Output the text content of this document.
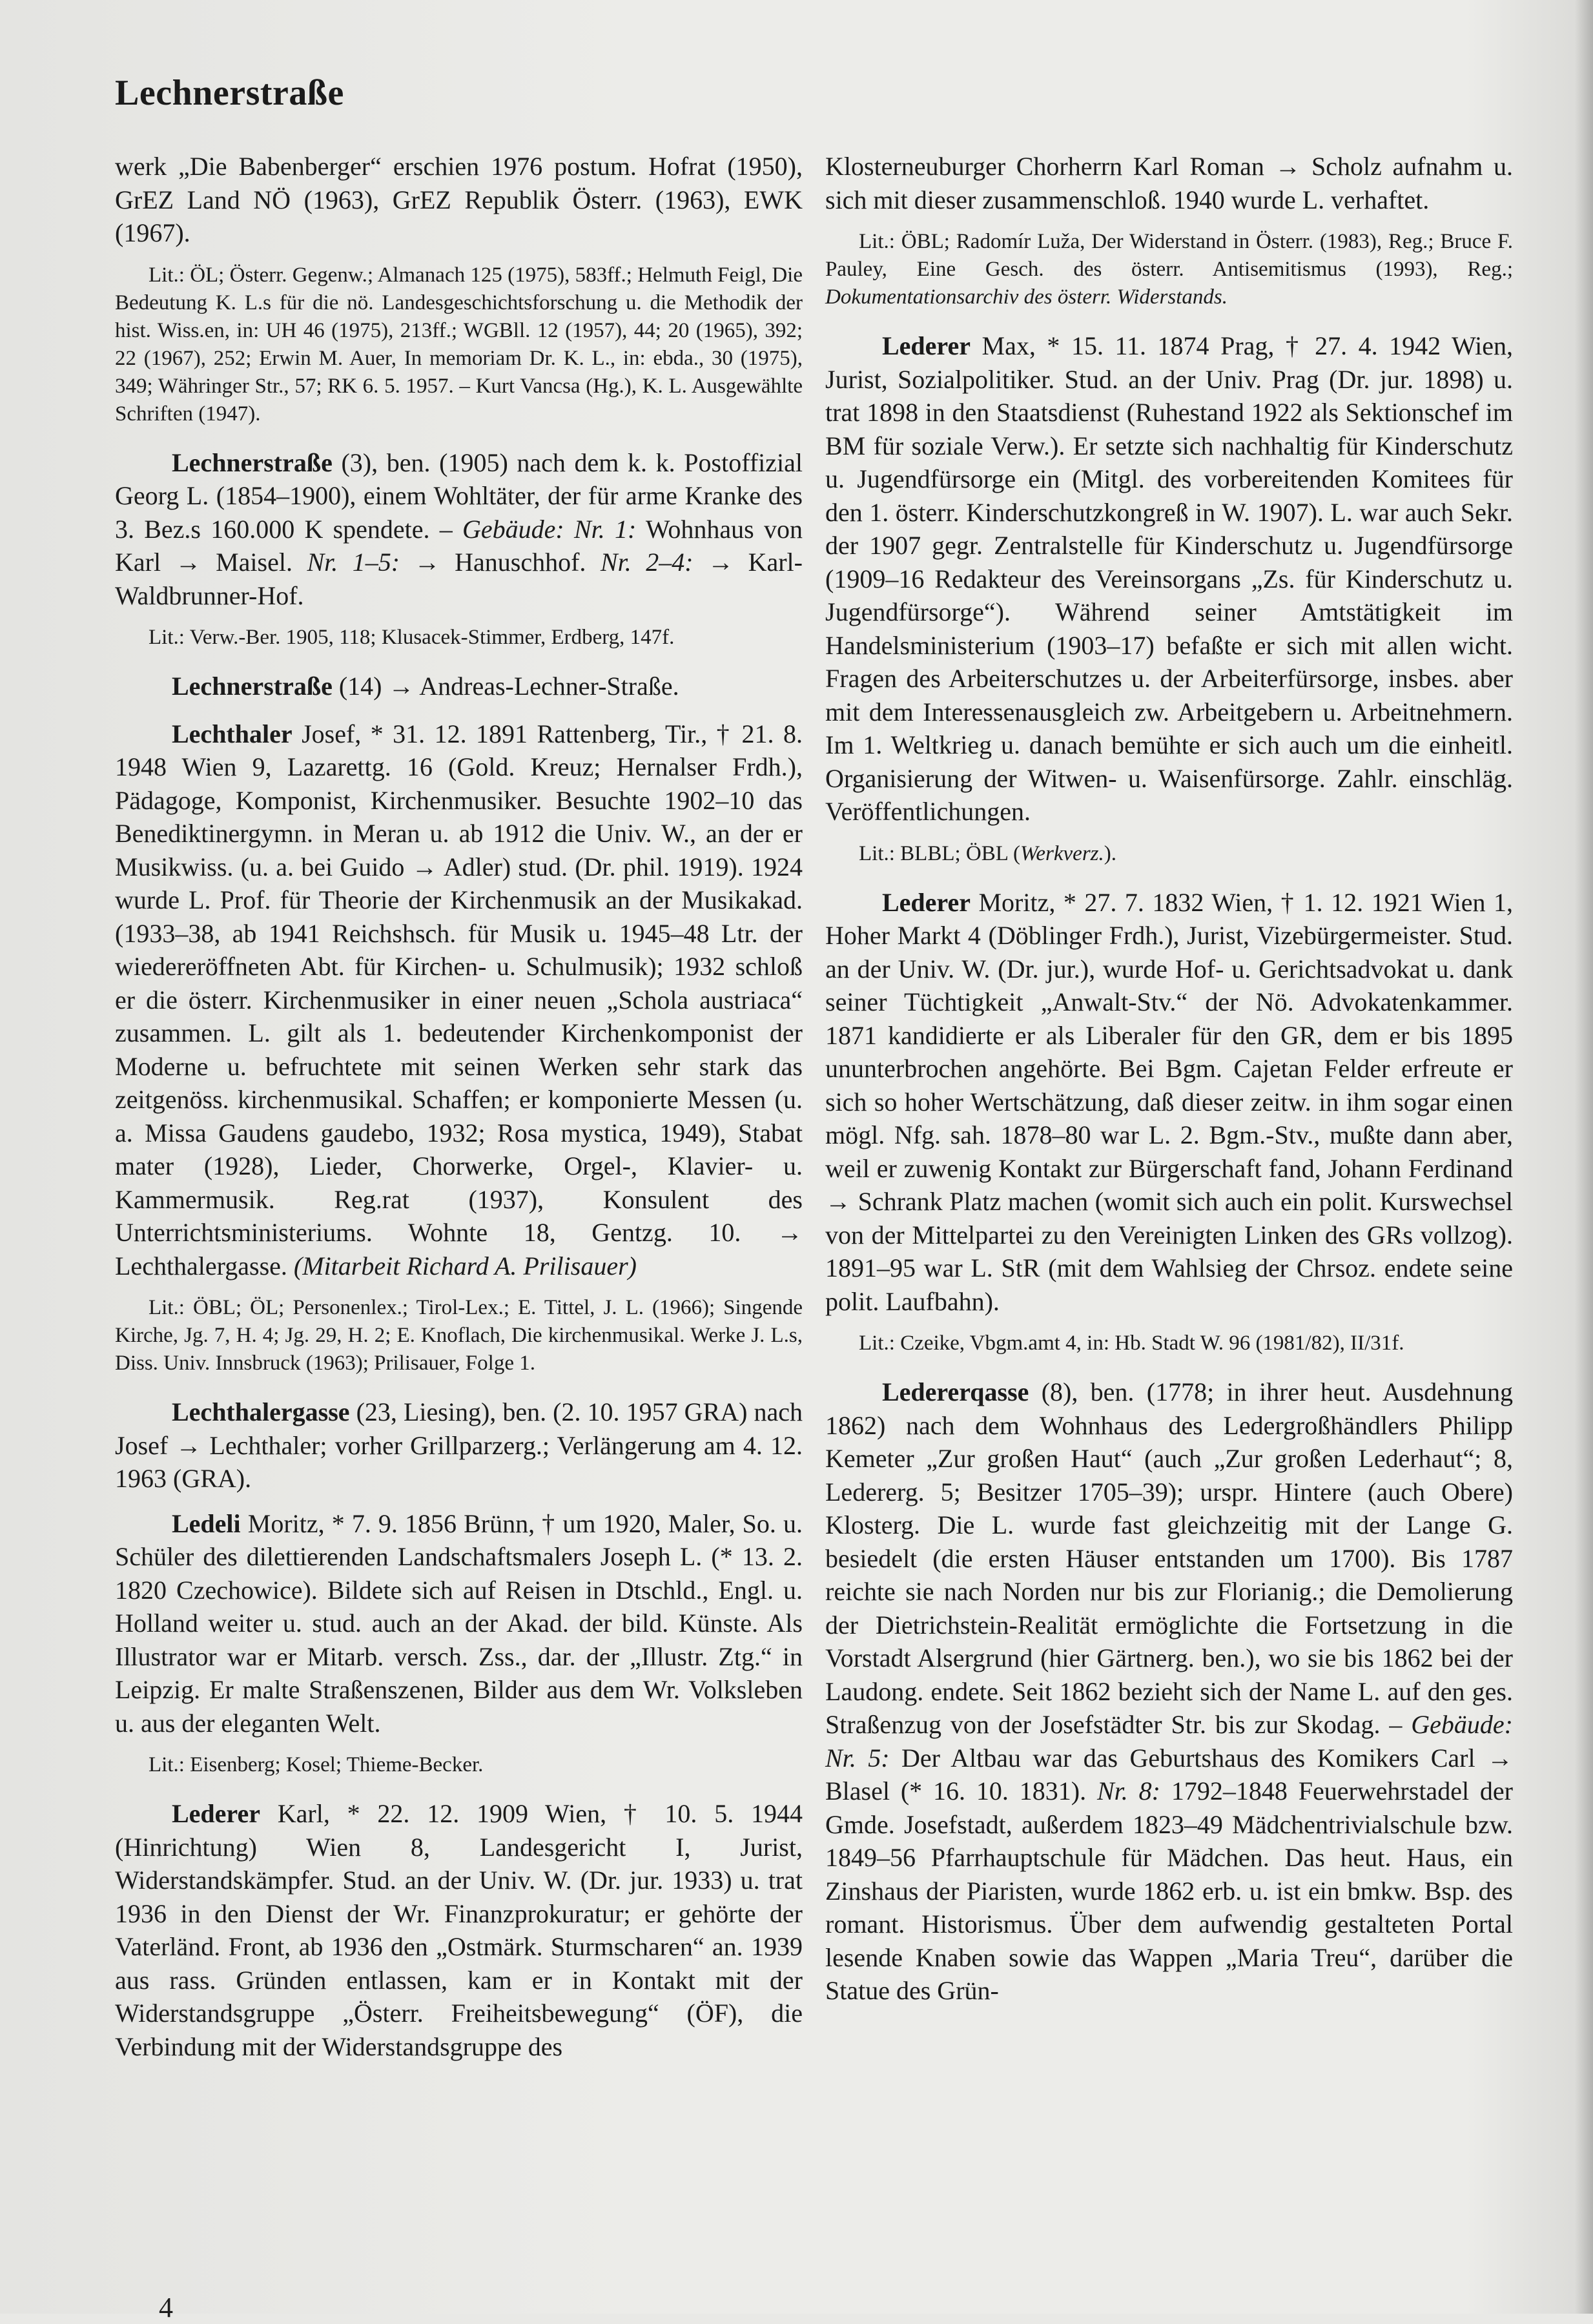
Lechnerstraße

werk „Die Babenberger“ erschien 1976 postum. Hofrat (1950), GrEZ Land NÖ (1963), GrEZ Republik Österr. (1963), EWK (1967).

Lit.: ÖL; Österr. Gegenw.; Almanach 125 (1975), 583ff.; Helmuth Feigl, Die Bedeutung K. L.s für die nö. Landesgeschichtsforschung u. die Methodik der hist. Wiss.en, in: UH 46 (1975), 213ff.; WGBll. 12 (1957), 44; 20 (1965), 392; 22 (1967), 252; Erwin M. Auer, In memoriam Dr. K. L., in: ebda., 30 (1975), 349; Währinger Str., 57; RK 6. 5. 1957. – Kurt Vancsa (Hg.), K. L. Ausgewählte Schriften (1947).

Lechnerstraße (3), ben. (1905) nach dem k. k. Postoffizial Georg L. (1854–1900), einem Wohltäter, der für arme Kranke des 3. Bez.s 160.000 K spendete. – Gebäude: Nr. 1: Wohnhaus von Karl → Maisel. Nr. 1–5: → Hanuschhof. Nr. 2–4: → Karl-Waldbrunner-Hof.

Lit.: Verw.-Ber. 1905, 118; Klusacek-Stimmer, Erdberg, 147f.

Lechnerstraße (14) → Andreas-Lechner-Straße.

Lechthaler Josef, * 31. 12. 1891 Rattenberg, Tir., † 21. 8. 1948 Wien 9, Lazarettg. 16 (Gold. Kreuz; Hernalser Frdh.), Pädagoge, Komponist, Kirchenmusiker. Besuchte 1902–10 das Benediktinergymn. in Meran u. ab 1912 die Univ. W., an der er Musikwiss. (u. a. bei Guido → Adler) stud. (Dr. phil. 1919). 1924 wurde L. Prof. für Theorie der Kirchenmusik an der Musikakad. (1933–38, ab 1941 Reichshsch. für Musik u. 1945–48 Ltr. der wiedereröffneten Abt. für Kirchen- u. Schulmusik); 1932 schloß er die österr. Kirchenmusiker in einer neuen „Schola austriaca“ zusammen. L. gilt als 1. bedeutender Kirchenkomponist der Moderne u. befruchtete mit seinen Werken sehr stark das zeitgenöss. kirchenmusikal. Schaffen; er komponierte Messen (u. a. Missa Gaudens gaudebo, 1932; Rosa mystica, 1949), Stabat mater (1928), Lieder, Chorwerke, Orgel-, Klavier- u. Kammermusik. Reg.rat (1937), Konsulent des Unterrichtsministeriums. Wohnte 18, Gentzg. 10. → Lechthalergasse. (Mitarbeit Richard A. Prilisauer)

Lit.: ÖBL; ÖL; Personenlex.; Tirol-Lex.; E. Tittel, J. L. (1966); Singende Kirche, Jg. 7, H. 4; Jg. 29, H. 2; E. Knoflach, Die kirchenmusikal. Werke J. L.s, Diss. Univ. Innsbruck (1963); Prilisauer, Folge 1.

Lechthalergasse (23, Liesing), ben. (2. 10. 1957 GRA) nach Josef → Lechthaler; vorher Grillparzerg.; Verlängerung am 4. 12. 1963 (GRA).

Ledeli Moritz, * 7. 9. 1856 Brünn, † um 1920, Maler, So. u. Schüler des dilettierenden Landschaftsmalers Joseph L. (* 13. 2. 1820 Czechowice). Bildete sich auf Reisen in Dtschld., Engl. u. Holland weiter u. stud. auch an der Akad. der bild. Künste. Als Illustrator war er Mitarb. versch. Zss., dar. der „Illustr. Ztg.“ in Leipzig. Er malte Straßenszenen, Bilder aus dem Wr. Volksleben u. aus der eleganten Welt.

Lit.: Eisenberg; Kosel; Thieme-Becker.

Lederer Karl, * 22. 12. 1909 Wien, † 10. 5. 1944 (Hinrichtung) Wien 8, Landesgericht I, Jurist, Widerstandskämpfer. Stud. an der Univ. W. (Dr. jur. 1933) u. trat 1936 in den Dienst der Wr. Finanzprokuratur; er gehörte der Vaterländ. Front, ab 1936 den „Ostmärk. Sturmscharen“ an. 1939 aus rass. Gründen entlassen, kam er in Kontakt mit der Widerstandsgruppe „Österr. Freiheitsbewegung“ (ÖF), die Verbindung mit der Widerstandsgruppe des

Klosterneuburger Chorherrn Karl Roman → Scholz aufnahm u. sich mit dieser zusammenschloß. 1940 wurde L. verhaftet.

Lit.: ÖBL; Radomír Luža, Der Widerstand in Österr. (1983), Reg.; Bruce F. Pauley, Eine Gesch. des österr. Antisemitismus (1993), Reg.; Dokumentationsarchiv des österr. Widerstands.

Lederer Max, * 15. 11. 1874 Prag, † 27. 4. 1942 Wien, Jurist, Sozialpolitiker. Stud. an der Univ. Prag (Dr. jur. 1898) u. trat 1898 in den Staatsdienst (Ruhestand 1922 als Sektionschef im BM für soziale Verw.). Er setzte sich nachhaltig für Kinderschutz u. Jugendfürsorge ein (Mitgl. des vorbereitenden Komitees für den 1. österr. Kinderschutzkongreß in W. 1907). L. war auch Sekr. der 1907 gegr. Zentralstelle für Kinderschutz u. Jugendfürsorge (1909–16 Redakteur des Vereinsorgans „Zs. für Kinderschutz u. Jugendfürsorge“). Während seiner Amtstätigkeit im Handelsministerium (1903–17) befaßte er sich mit allen wicht. Fragen des Arbeiterschutzes u. der Arbeiterfürsorge, insbes. aber mit dem Interessenausgleich zw. Arbeitgebern u. Arbeitnehmern. Im 1. Weltkrieg u. danach bemühte er sich auch um die einheitl. Organisierung der Witwen- u. Waisenfürsorge. Zahlr. einschläg. Veröffentlichungen.

Lit.: BLBL; ÖBL (Werkverz.).

Lederer Moritz, * 27. 7. 1832 Wien, † 1. 12. 1921 Wien 1, Hoher Markt 4 (Döblinger Frdh.), Jurist, Vizebürgermeister. Stud. an der Univ. W. (Dr. jur.), wurde Hof- u. Gerichtsadvokat u. dank seiner Tüchtigkeit „Anwalt-Stv.“ der Nö. Advokatenkammer. 1871 kandidierte er als Liberaler für den GR, dem er bis 1895 ununterbrochen angehörte. Bei Bgm. Cajetan Felder erfreute er sich so hoher Wertschätzung, daß dieser zeitw. in ihm sogar einen mögl. Nfg. sah. 1878–80 war L. 2. Bgm.-Stv., mußte dann aber, weil er zuwenig Kontakt zur Bürgerschaft fand, Johann Ferdinand → Schrank Platz machen (womit sich auch ein polit. Kurswechsel von der Mittelpartei zu den Vereinigten Linken des GRs vollzog). 1891–95 war L. StR (mit dem Wahlsieg der Chrsoz. endete seine polit. Laufbahn).

Lit.: Czeike, Vbgm.amt 4, in: Hb. Stadt W. 96 (1981/82), II/31f.

Ledererqasse (8), ben. (1778; in ihrer heut. Ausdehnung 1862) nach dem Wohnhaus des Ledergroßhändlers Philipp Kemeter „Zur großen Haut“ (auch „Zur großen Lederhaut“; 8, Ledererg. 5; Besitzer 1705–39); urspr. Hintere (auch Obere) Klosterg. Die L. wurde fast gleichzeitig mit der Lange G. besiedelt (die ersten Häuser entstanden um 1700). Bis 1787 reichte sie nach Norden nur bis zur Florianig.; die Demolierung der Dietrichstein-Realität ermöglichte die Fortsetzung in die Vorstadt Alsergrund (hier Gärtnerg. ben.), wo sie bis 1862 bei der Laudong. endete. Seit 1862 bezieht sich der Name L. auf den ges. Straßenzug von der Josefstädter Str. bis zur Skodag. – Gebäude: Nr. 5: Der Altbau war das Geburtshaus des Komikers Carl → Blasel (* 16. 10. 1831). Nr. 8: 1792–1848 Feuerwehrstadel der Gmde. Josefstadt, außerdem 1823–49 Mädchentrivialschule bzw. 1849–56 Pfarrhauptschule für Mädchen. Das heut. Haus, ein Zinshaus der Piaristen, wurde 1862 erb. u. ist ein bmkw. Bsp. des romant. Historismus. Über dem aufwendig gestalteten Portal lesende Knaben sowie das Wappen „Maria Treu“, darüber die Statue des Grün-

4
